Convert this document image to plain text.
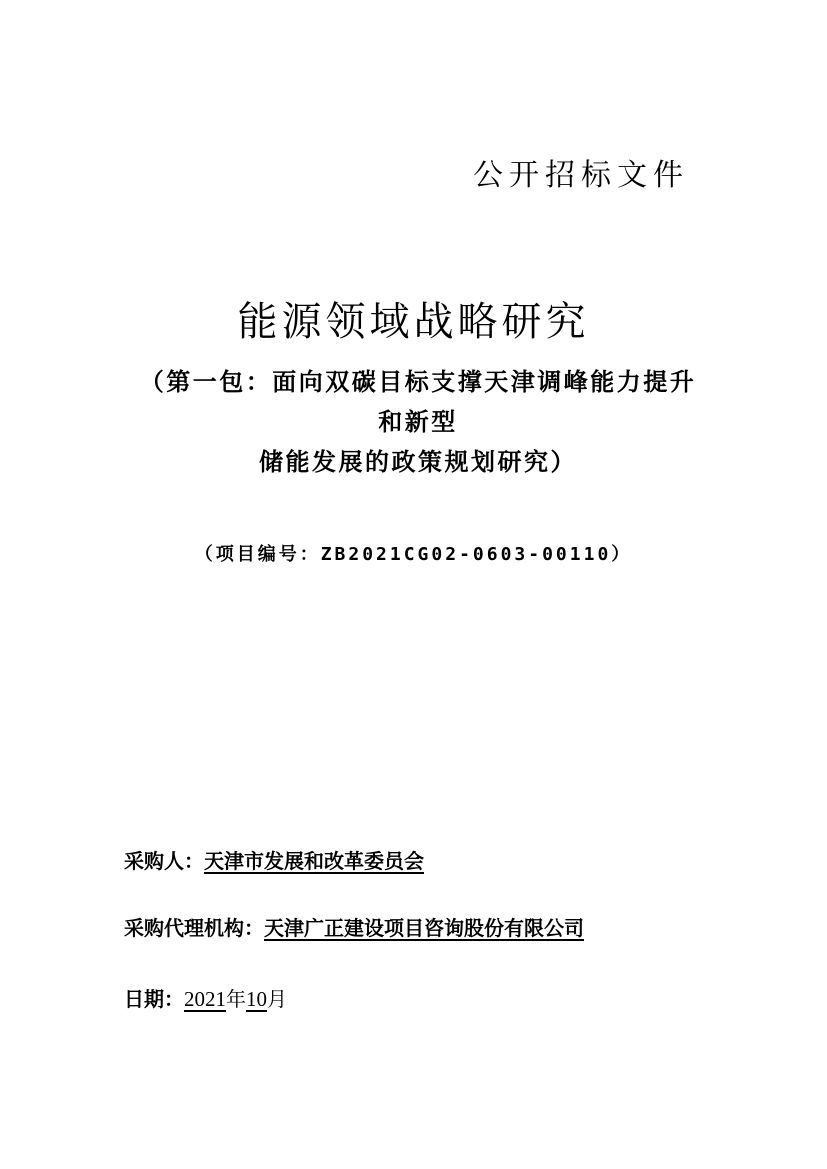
公开招标文件
能源领域战略研究
（第一包：面向双碳目标支撑天津调峰能力提升和新型
储能发展的政策规划研究）
（项目编号：ZB2021CG02-0603-00110）
采购人：天津市发展和改革委员会
采购代理机构：天津广正建设项目咨询股份有限公司
日期：2021年10月
